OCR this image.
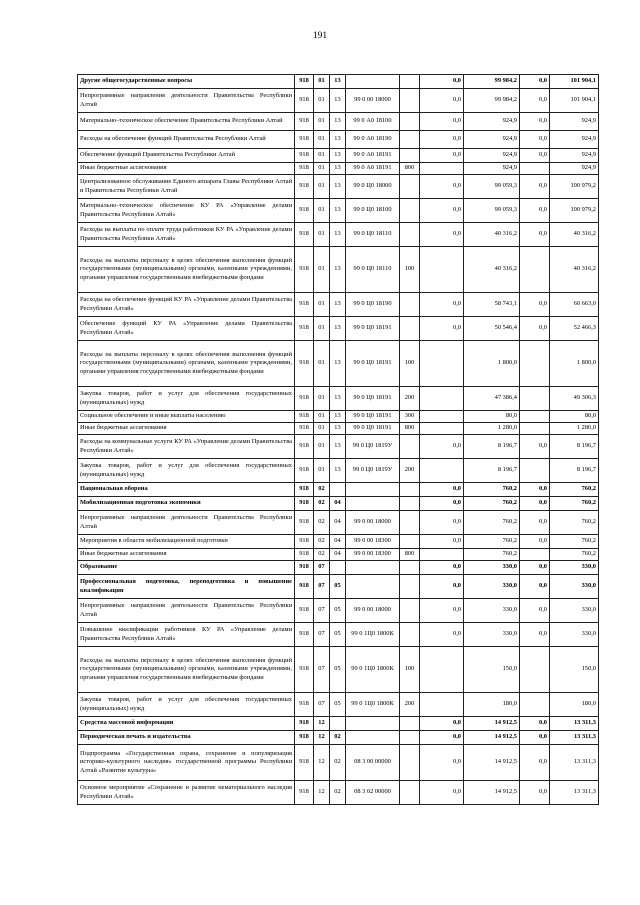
191
Другие общегосударственные вопросы	918	01	13			0,0	99 984,2	0,0	101 904,1
Непрограммные направления деятельности Правительства Республики Алтай	918	01	13	99 0 00 18000		0,0	99 984,2	0,0	101 904,1
Материально–техническое обеспечение Правительства Республики Алтай	918	01	13	99 0 А0 18100		0,0	924,9	0,0	924,9
Расходы на обеспечение функций Правительства Республики Алтай	918	01	13	99 0 А0 18190		0,0	924,9	0,0	924,9
Обеспечение функций Правительства Республики Алтай	918	01	13	99 0 А0 18191		0,0	924,9	0,0	924,9
Иные бюджетные ассигнования	918	01	13	99 0 А0 18191	800		924,9		924,9
Централизованное обслуживание Единого аппарата Главы Республики Алтай и Правительства Республики Алтай	918	01	13	99 0 Ц0 18000		0,0	99 059,3	0,0	100 979,2
Материально–техническое обеспечение КУ РА «Управление делами Правительства Республики Алтай»	918	01	13	99 0 Ц0 18100		0,0	99 059,3	0,0	100 979,2
Расходы на выплаты по оплате труда работников КУ РА «Управление делами Правительства Республики Алтай»	918	01	13	99 0 Ц0 18110		0,0	40 316,2	0,0	40 316,2
Расходы на выплаты персоналу в целях обеспечения выполнения функций государственными (муниципальными) органами, казенными учреждениями, органами управления государственными внебюджетными фондами	918	01	13	99 0 Ц0 18110	100		40 316,2		40 316,2
Расходы на обеспечение функций КУ РА «Управление делами Правительства Республики Алтай»	918	01	13	99 0 Ц0 18190		0,0	58 743,1	0,0	60 663,0
Обеспечение функций КУ РА «Управление делами Правительства Республики Алтай»	918	01	13	99 0 Ц0 18191		0,0	50 546,4	0,0	52 466,3
Расходы на выплаты персоналу в целях обеспечения выполнения функций государственными (муниципальными) органами, казенными учреждениями, органами управления государственными внебюджетными фондами	918	01	13	99 0 Ц0 18191	100		1 800,0		1 800,0
Закупка товаров, работ и услуг для обеспечения государственных (муниципальных) нужд	918	01	13	99 0 Ц0 18191	200		47 386,4		49 306,3
Социальное обеспечение и иные выплаты населению	918	01	13	99 0 Ц0 18191	300		80,0		80,0
Иные бюджетные ассигнования	918	01	13	99 0 Ц0 18191	800		1 280,0		1 280,0
Расходы на коммунальные услуги КУ РА «Управление делами Правительства Республики Алтай»	918	01	13	99 0 Ц0 1819У		0,0	8 196,7	0,0	8 196,7
Закупка товаров, работ и услуг для обеспечения государственных (муниципальных) нужд	918	01	13	99 0 Ц0 1819У	200		8 196,7		8 196,7
Национальная оборона	918	02				0,0	760,2	0,0	760,2
Мобилизационная подготовка экономики	918	02	04			0,0	760,2	0,0	760,2
Непрограммные направления деятельности Правительства Республики Алтай	918	02	04	99 0 00 18000		0,0	760,2	0,0	760,2
Мероприятия в области мобилизационной подготовки	918	02	04	99 0 00 18300		0,0	760,2	0,0	760,2
Иные бюджетные ассигнования	918	02	04	99 0 00 18300	800		760,2		760,2
Образование	918	07				0,0	330,0	0,0	330,0
Профессиональная подготовка, переподготовка и повышение квалификации	918	07	05			0,0	330,0	0,0	330,0
Непрограммные направления деятельности Правительства Республики Алтай	918	07	05	99 0 00 18000		0,0	330,0	0,0	330,0
Повышение квалификации работников КУ РА «Управление делами Правительства Республики Алтай»	918	07	05	99 0 1Ц0 1800К		0,0	330,0	0,0	330,0
Расходы на выплаты персоналу в целях обеспечения выполнения функций государственными (муниципальными) органами, казенными учреждениями, органами управления государственными внебюджетными фондами	918	07	05	99 0 1Ц0 1800К	100		150,0		150,0
Закупка товаров, работ и услуг для обеспечения государственных (муниципальных) нужд	918	07	05	99 0 1Ц0 1800К	200		180,0		180,0
Средства массовой информации	918	12				0,0	14 912,5	0,0	13 311,3
Периодическая печать и издательства	918	12	02			0,0	14 912,5	0,0	13 311,3
Подпрограмма «Государственная охрана, сохранение и популяризация историко-культурного наследия» государственной программы Республики Алтай «Развитие культуры»	918	12	02	08 3 00 00000		0,0	14 912,5	0,0	13 311,3
Основное мероприятие «Сохранение и развитие нематериального наследия Республики Алтай»	918	12	02	08 3 02 00000		0,0	14 912,5	0,0	13 311,3
